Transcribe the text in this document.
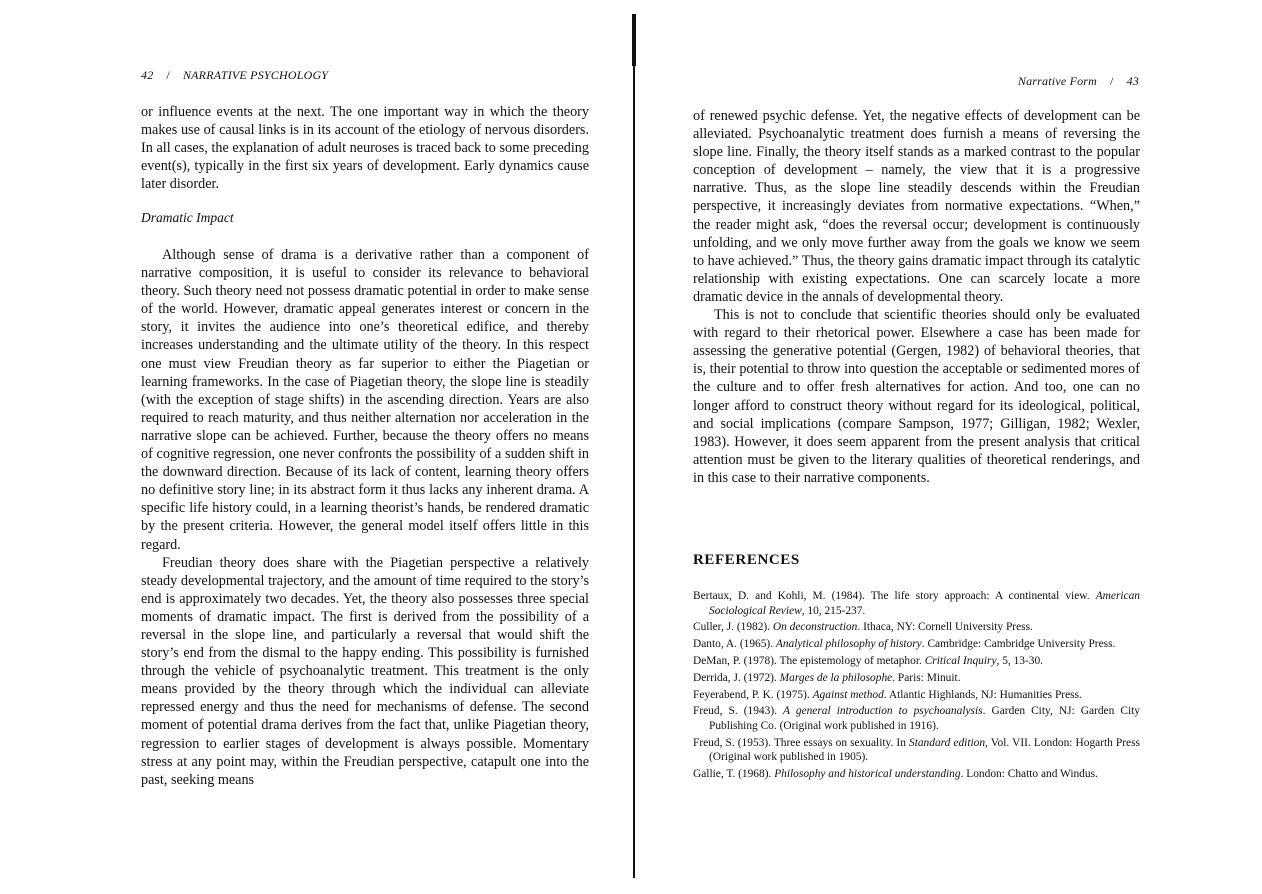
42 / NARRATIVE PSYCHOLOGY

or influence events at the next. The one important way in which the theory makes use of causal links is in its account of the etiology of nervous disorders. In all cases, the explanation of adult neuroses is traced back to some preceding event(s), typically in the first six years of development. Early dynamics cause later disorder.

Dramatic Impact

Although sense of drama is a derivative rather than a component of narrative composition, it is useful to consider its relevance to behavioral theory. Such theory need not possess dramatic potential in order to make sense of the world. However, dramatic appeal generates interest or concern in the story, it invites the audience into one’s theoretical edifice, and thereby increases understanding and the ultimate utility of the theory. In this respect one must view Freudian theory as far superior to either the Piagetian or learning frameworks. In the case of Piagetian theory, the slope line is steadily (with the exception of stage shifts) in the ascending direction. Years are also required to reach maturity, and thus neither alternation nor acceleration in the narrative slope can be achieved. Further, because the theory offers no means of cognitive regression, one never confronts the possibility of a sudden shift in the downward direction. Because of its lack of content, learning theory offers no definitive story line; in its abstract form it thus lacks any inherent drama. A specific life history could, in a learning theorist’s hands, be rendered dramatic by the present criteria. However, the general model itself offers little in this regard.

Freudian theory does share with the Piagetian perspective a relatively steady developmental trajectory, and the amount of time required to the story’s end is approximately two decades. Yet, the theory also possesses three special moments of dramatic impact. The first is derived from the possibility of a reversal in the slope line, and particularly a reversal that would shift the story’s end from the dismal to the happy ending. This possibility is furnished through the vehicle of psychoanalytic treatment. This treatment is the only means provided by the theory through which the individual can alleviate repressed energy and thus the need for mechanisms of defense. The second moment of potential drama derives from the fact that, unlike Piagetian theory, regression to earlier stages of development is always possible. Momentary stress at any point may, within the Freudian perspective, catapult one into the past, seeking means

Narrative Form / 43

of renewed psychic defense. Yet, the negative effects of development can be alleviated. Psychoanalytic treatment does furnish a means of reversing the slope line. Finally, the theory itself stands as a marked contrast to the popular conception of development – namely, the view that it is a progressive narrative. Thus, as the slope line steadily descends within the Freudian perspective, it increasingly deviates from normative expectations. “When,” the reader might ask, “does the reversal occur; development is continuously unfolding, and we only move further away from the goals we know we seem to have achieved.” Thus, the theory gains dramatic impact through its catalytic relationship with existing expectations. One can scarcely locate a more dramatic device in the annals of developmental theory.

This is not to conclude that scientific theories should only be evaluated with regard to their rhetorical power. Elsewhere a case has been made for assessing the generative potential (Gergen, 1982) of behavioral theories, that is, their potential to throw into question the acceptable or sedimented mores of the culture and to offer fresh alternatives for action. And too, one can no longer afford to construct theory without regard for its ideological, political, and social implications (compare Sampson, 1977; Gilligan, 1982; Wexler, 1983). However, it does seem apparent from the present analysis that critical attention must be given to the literary qualities of theoretical renderings, and in this case to their narrative components.

REFERENCES
Bertaux, D. and Kohli, M. (1984). The life story approach: A continental view. American Sociological Review, 10, 215-237.
Culler, J. (1982). On deconstruction. Ithaca, NY: Cornell University Press.
Danto, A. (1965). Analytical philosophy of history. Cambridge: Cambridge University Press.
DeMan, P. (1978). The epistemology of metaphor. Critical Inquiry, 5, 13-30.
Derrida, J. (1972). Marges de la philosophe. Paris: Minuit.
Feyerabend, P. K. (1975). Against method. Atlantic Highlands, NJ: Humanities Press.
Freud, S. (1943). A general introduction to psychoanalysis. Garden City, NJ: Garden City Publishing Co. (Original work published in 1916).
Freud, S. (1953). Three essays on sexuality. In Standard edition, Vol. VII. London: Hogarth Press (Original work published in 1905).
Gallie, T. (1968). Philosophy and historical understanding. London: Chatto and Windus.
